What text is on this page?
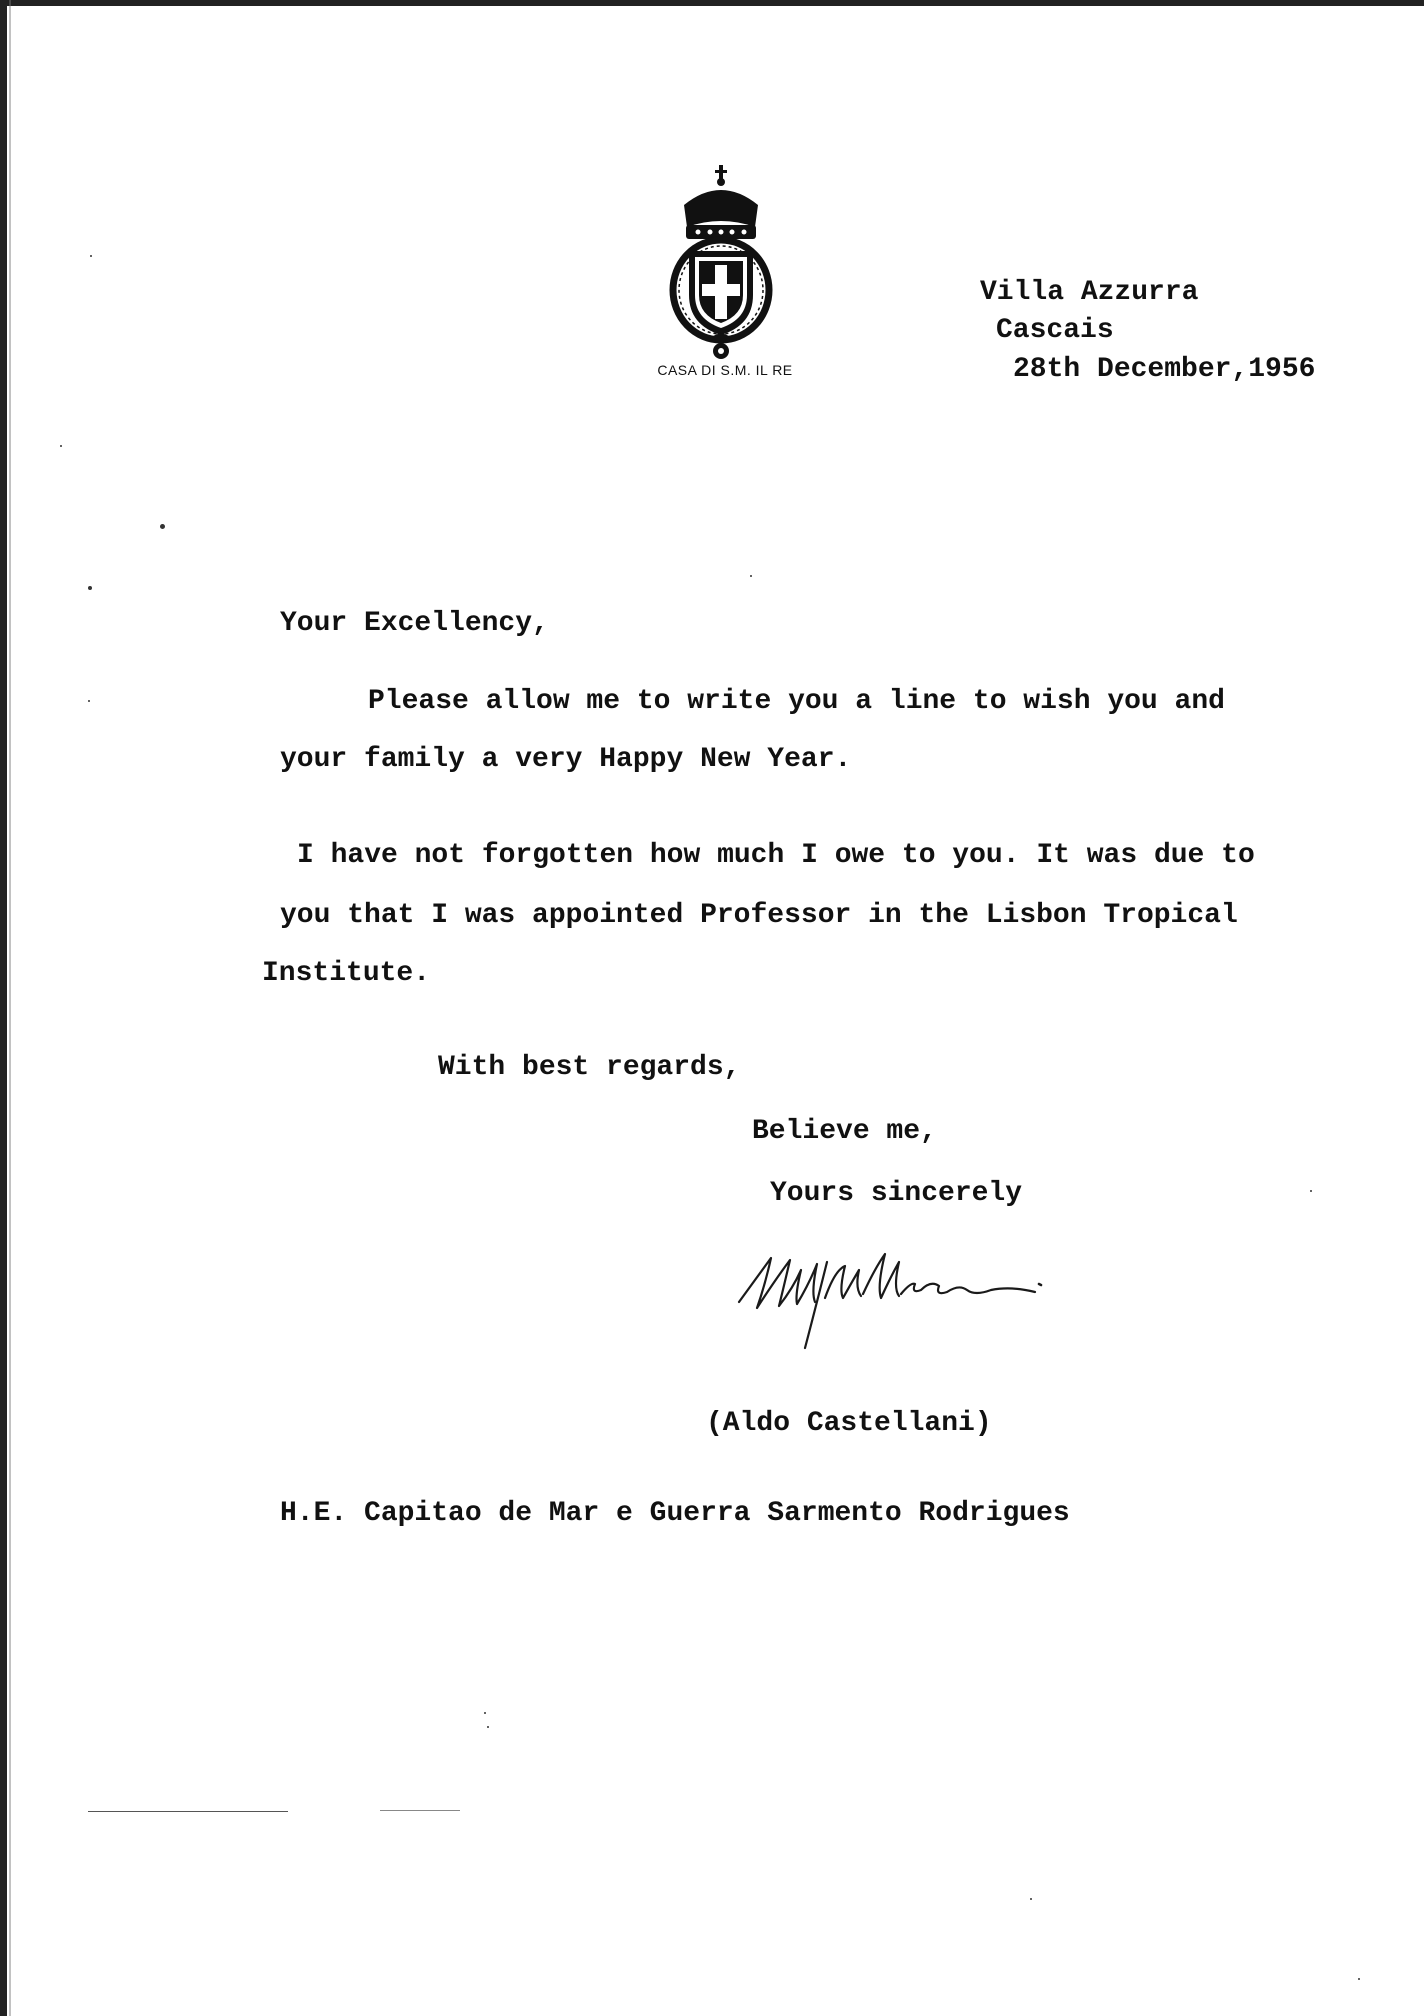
CASA DI S.M. IL RE
Villa Azzurra
Cascais
28th December,1956
Your Excellency,
Please allow me to write you a line to wish you and
your family a very Happy New Year.
I have not forgotten how much I owe to you. It was due to
you that I was appointed Professor in the Lisbon Tropical
Institute.
With best regards,
Believe me,
Yours sincerely
(Aldo Castellani)
H.E. Capitao de Mar e Guerra Sarmento Rodrigues
